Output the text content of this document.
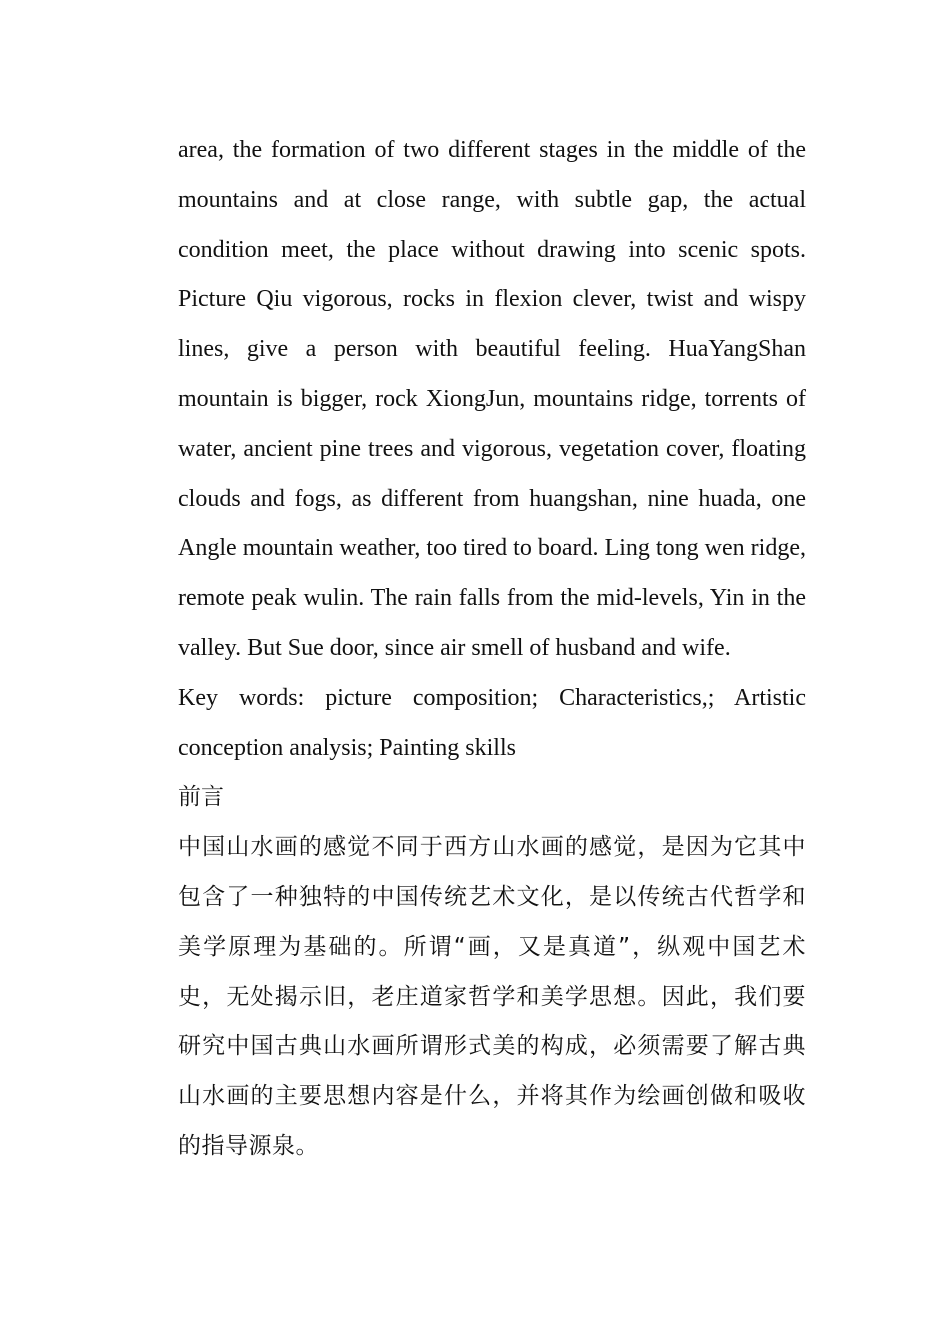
area, the formation of two different stages in the middle of the mountains and at close range, with subtle gap, the actual condition meet, the place without drawing into scenic spots. Picture Qiu vigorous, rocks in flexion clever, twist and wispy lines, give a person with beautiful feeling. HuaYangShan mountain is bigger, rock XiongJun, mountains ridge, torrents of water, ancient pine trees and vigorous, vegetation cover, floating clouds and fogs, as different from huangshan, nine huada, one Angle mountain weather, too tired to board. Ling tong wen ridge, remote peak wulin. The rain falls from the mid-levels, Yin in the valley. But Sue door, since air smell of husband and wife.

Key words: picture composition; Characteristics,; Artistic conception analysis; Painting skills

前言

中国山水画的感觉不同于西方山水画的感觉，是因为它其中包含了一种独特的中国传统艺术文化，是以传统古代哲学和美学原理为基础的。所谓“画，又是真道”，纵观中国艺术史，无处揭示旧，老庄道家哲学和美学思想。因此，我们要研究中国古典山水画所谓形式美的构成，必须需要了解古典山水画的主要思想内容是什么，并将其作为绘画创做和吸收的指导源泉。
